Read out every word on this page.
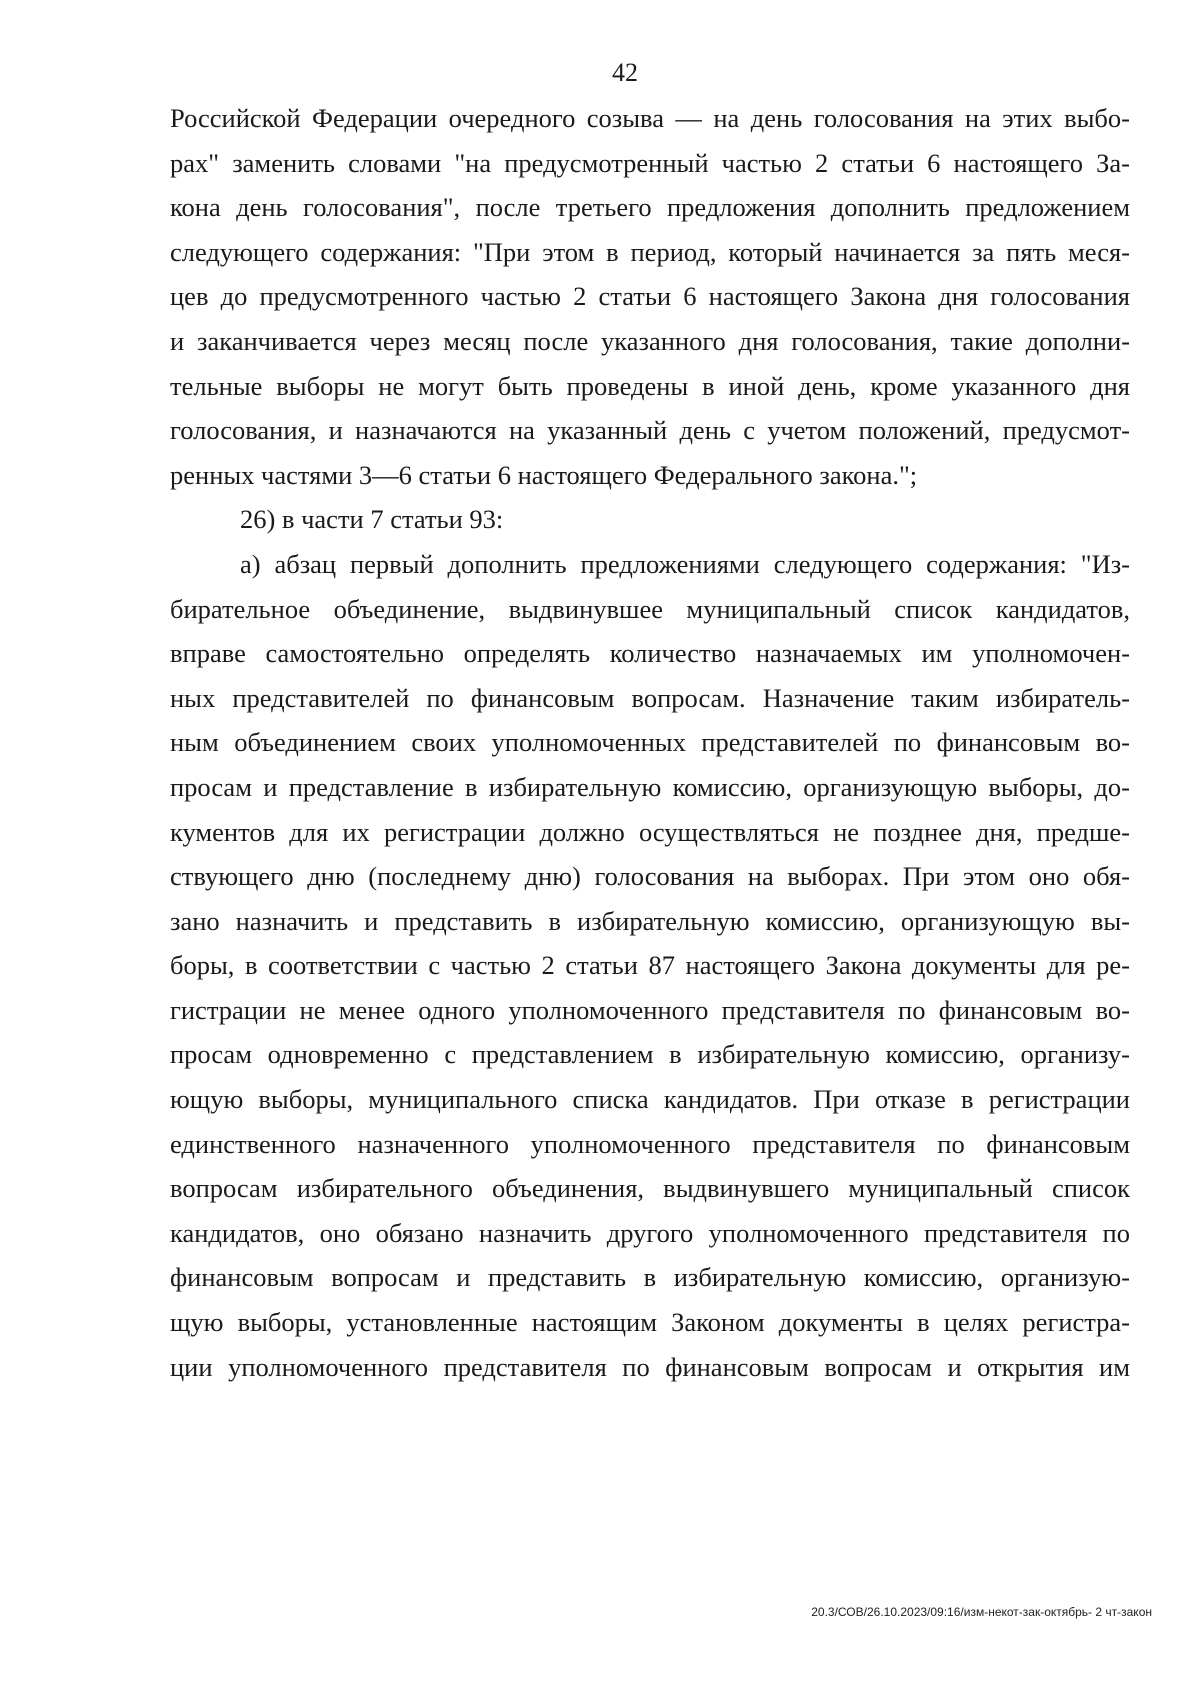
42
Российской Федерации очередного созыва — на день голосования на этих выбо-
рах" заменить словами "на предусмотренный частью 2 статьи 6 настоящего За-
кона день голосования", после третьего предложения дополнить предложением
следующего содержания: "При этом в период, который начинается за пять меся-
цев до предусмотренного частью 2 статьи 6 настоящего Закона дня голосования
и заканчивается через месяц после указанного дня голосования, такие дополни-
тельные выборы не могут быть проведены в иной день, кроме указанного дня
голосования, и назначаются на указанный день с учетом положений, предусмот-
ренных частями 3—6 статьи 6 настоящего Федерального закона.";
26) в части 7 статьи 93:
а) абзац первый дополнить предложениями следующего содержания: "Из-
бирательное объединение, выдвинувшее муниципальный список кандидатов,
вправе самостоятельно определять количество назначаемых им уполномочен-
ных представителей по финансовым вопросам. Назначение таким избиратель-
ным объединением своих уполномоченных представителей по финансовым во-
просам и представление в избирательную комиссию, организующую выборы, до-
кументов для их регистрации должно осуществляться не позднее дня, предше-
ствующего дню (последнему дню) голосования на выборах. При этом оно обя-
зано назначить и представить в избирательную комиссию, организующую вы-
боры, в соответствии с частью 2 статьи 87 настоящего Закона документы для ре-
гистрации не менее одного уполномоченного представителя по финансовым во-
просам одновременно с представлением в избирательную комиссию, организу-
ющую выборы, муниципального списка кандидатов. При отказе в регистрации
единственного назначенного уполномоченного представителя по финансовым
вопросам избирательного объединения, выдвинувшего муниципальный список
кандидатов, оно обязано назначить другого уполномоченного представителя по
финансовым вопросам и представить в избирательную комиссию, организую-
щую выборы, установленные настоящим Законом документы в целях регистра-
ции уполномоченного представителя по финансовым вопросам и открытия им
20.3/СОВ/26.10.2023/09:16/изм-некот-зак-октябрь- 2 чт-закон
